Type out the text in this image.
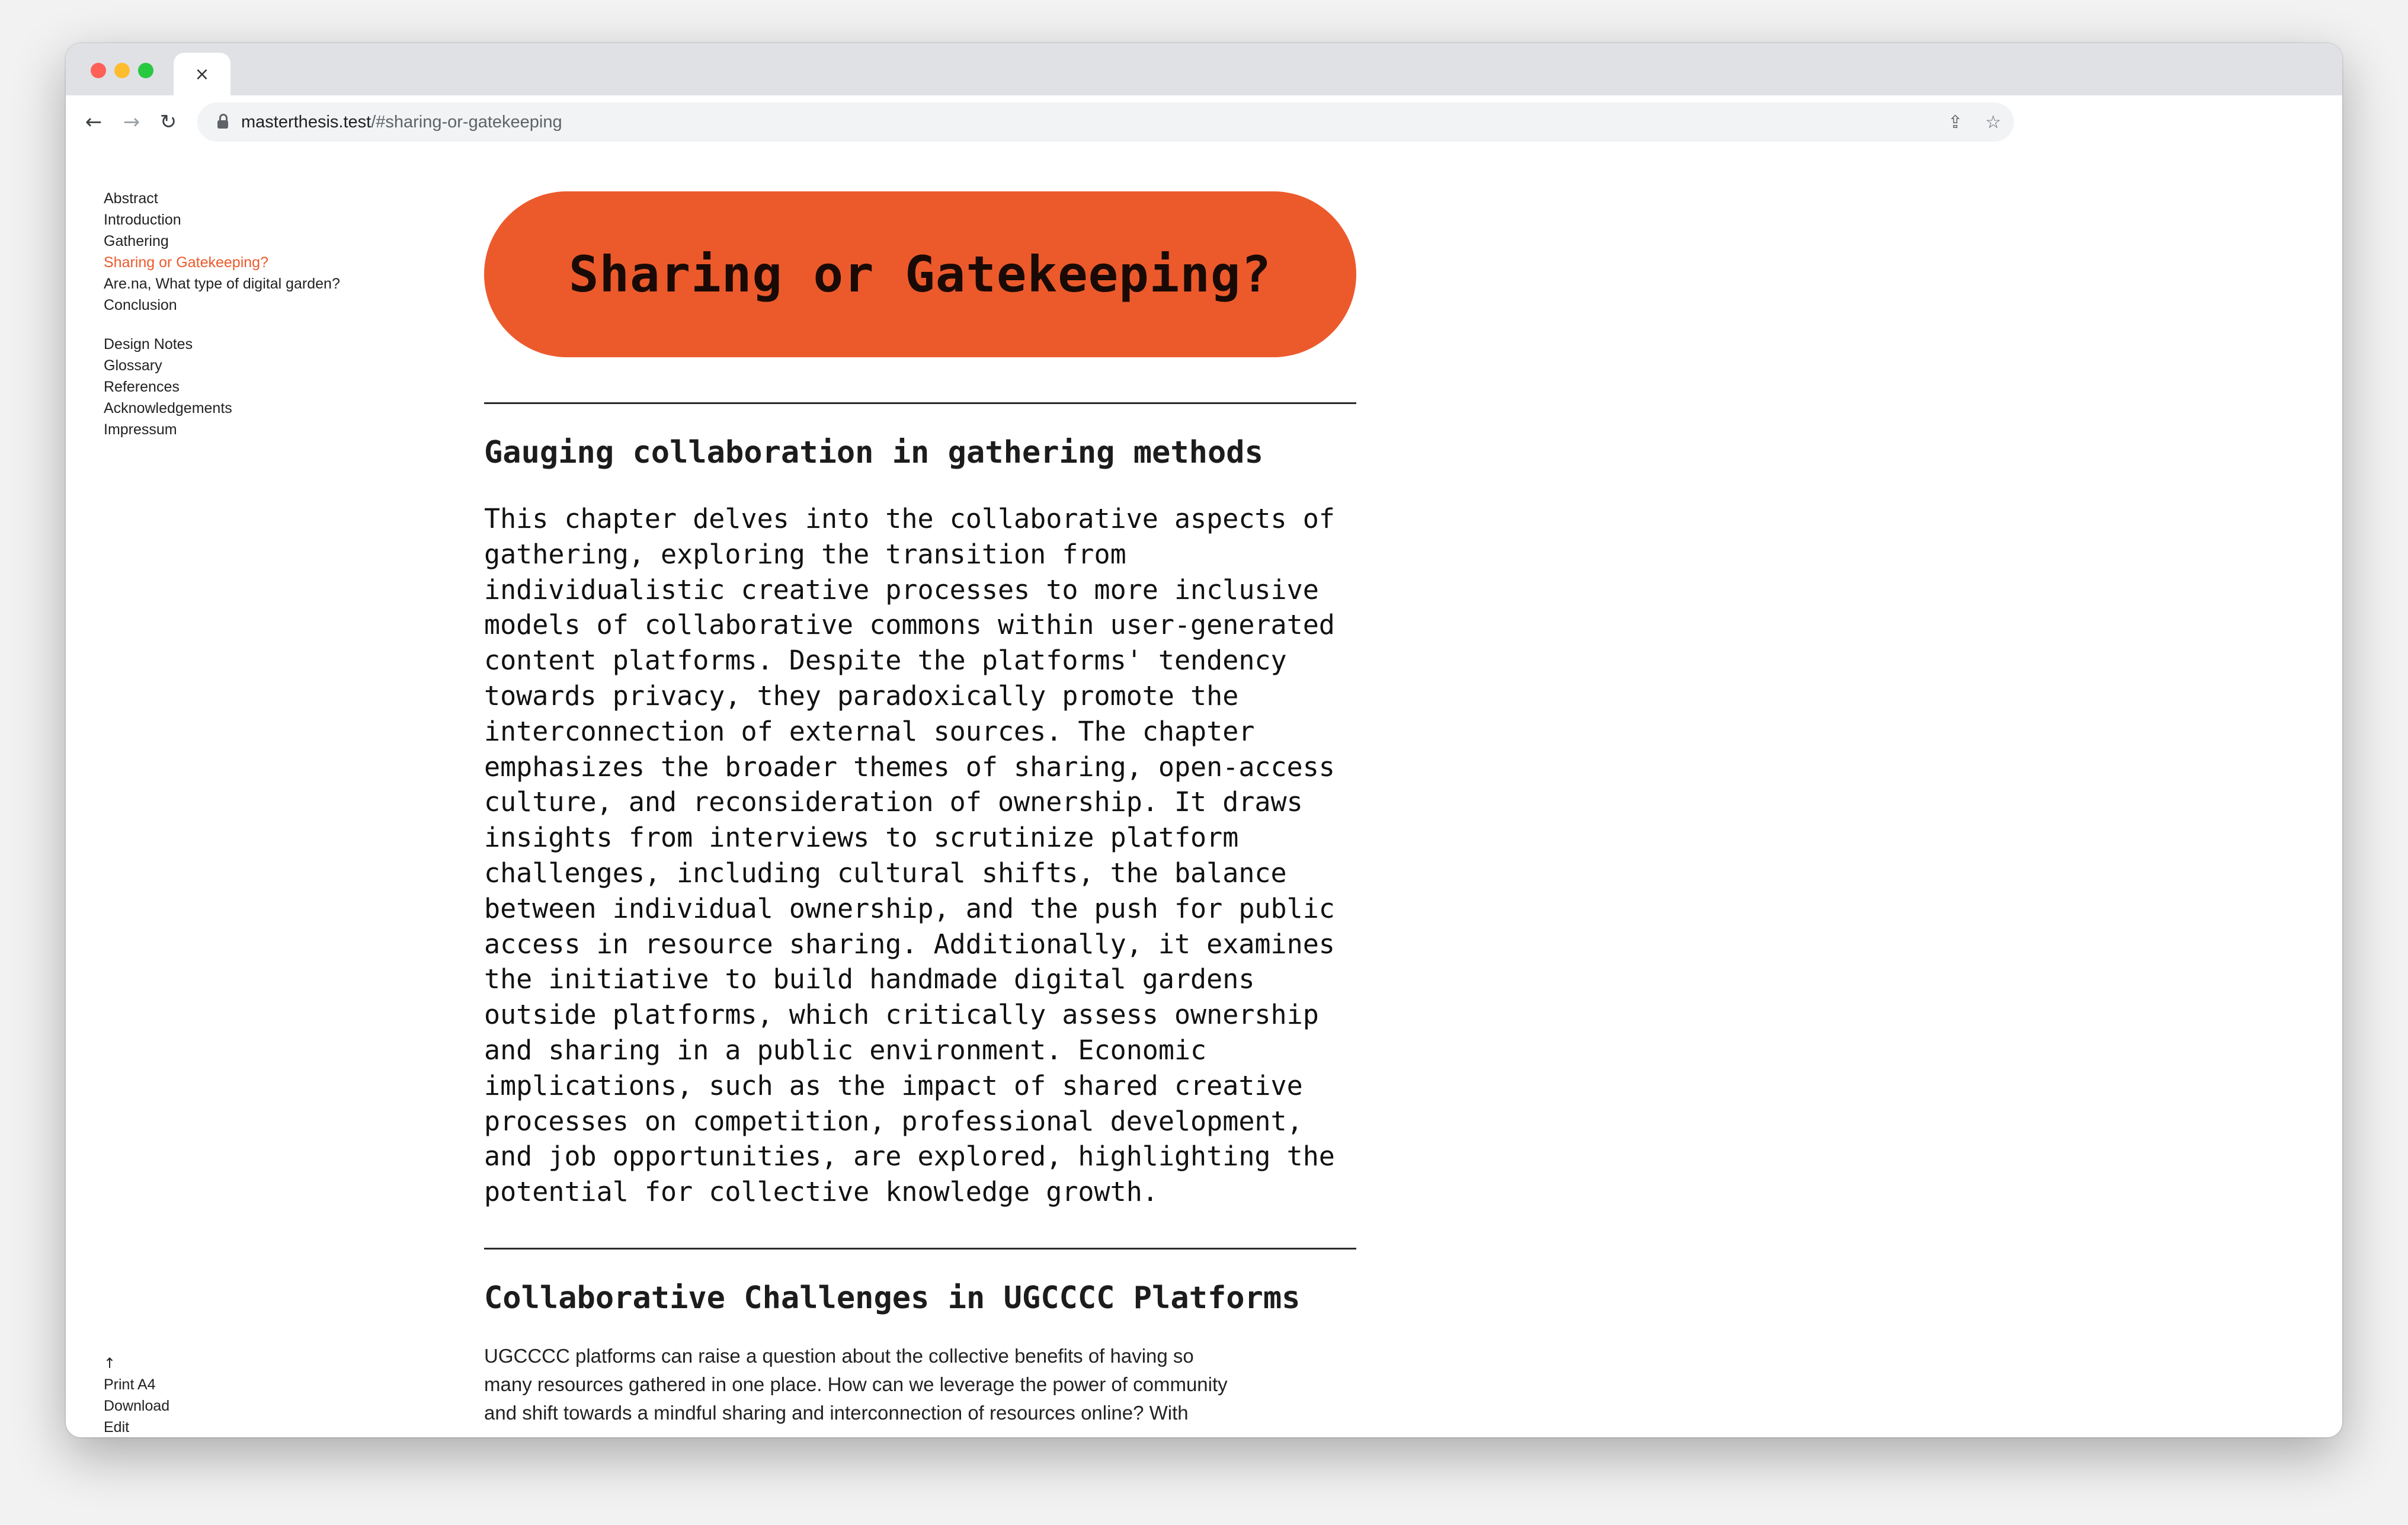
×
←	→ ↻	masterthesis.test/#sharing-or-gatekeeping	⇪	☆
Abstract
Introduction
Gathering
Sharing or Gatekeeping?
Are.na, What type of digital garden?
Conclusion
Design Notes
Glossary
References
Acknowledgements
Impressum
↑
Print A4
Download
Edit
Sharing or Gatekeeping?
Gauging collaboration in gathering methods

This chapter delves into the collaborative aspects of
gathering, exploring the transition from
individualistic creative processes to more inclusive
models of collaborative commons within user-generated
content platforms. Despite the platforms' tendency
towards privacy, they paradoxically promote the
interconnection of external sources. The chapter
emphasizes the broader themes of sharing, open-access
culture, and reconsideration of ownership. It draws
insights from interviews to scrutinize platform
challenges, including cultural shifts, the balance
between individual ownership, and the push for public
access in resource sharing. Additionally, it examines
the initiative to build handmade digital gardens
outside platforms, which critically assess ownership
and sharing in a public environment. Economic
implications, such as the impact of shared creative
processes on competition, professional development,
and job opportunities, are explored, highlighting the
potential for collective knowledge growth.

Collaborative Challenges in UGCCCC Platforms

UGCCCC platforms can raise a question about the collective benefits of having so
many resources gathered in one place. How can we leverage the power of community
and shift towards a mindful sharing and interconnection of resources online? With
